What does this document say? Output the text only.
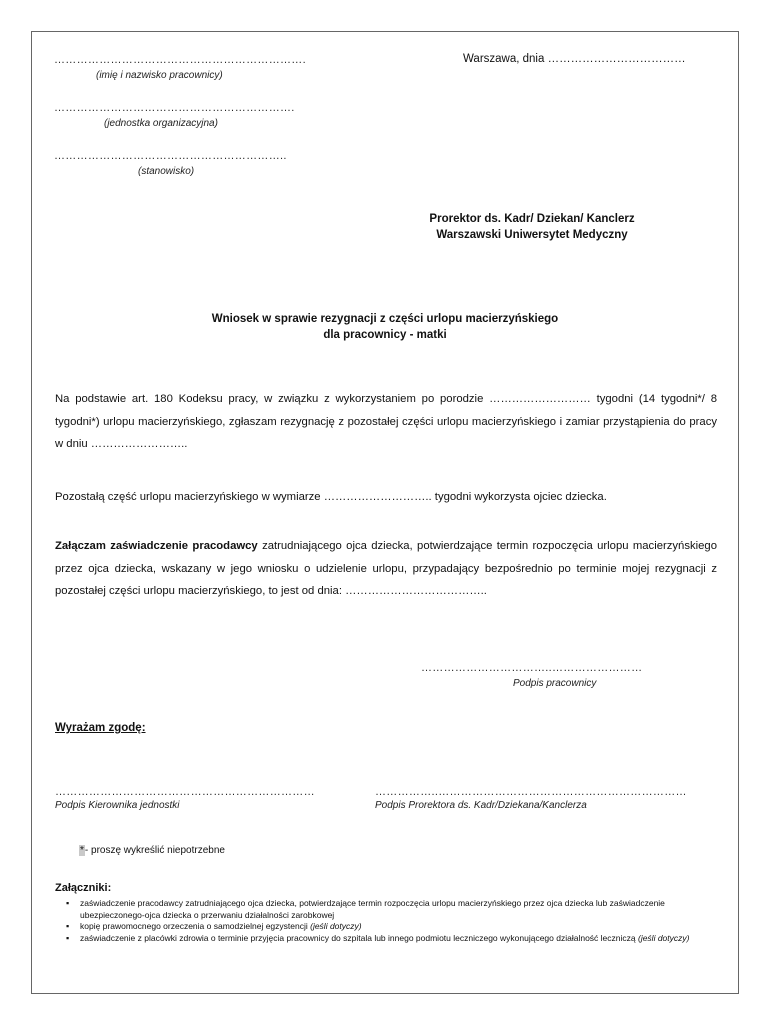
………………………………………………………….
(imię i nazwisko pracownicy)
……………………………………………………….
(jednostka organizacyjna)
……………………………………………………..
(stanowisko)
Warszawa, dnia ………………………………
Prorektor ds. Kadr/ Dziekan/ Kanclerz
Warszawski Uniwersytet Medyczny
Wniosek w sprawie rezygnacji z części urlopu macierzyńskiego
dla pracownicy - matki
Na podstawie art. 180 Kodeksu pracy, w związku z wykorzystaniem po porodzie ……………………… tygodni (14 tygodni*/ 8 tygodni*) urlopu macierzyńskiego, zgłaszam rezygnację z pozostałej części urlopu macierzyńskiego i zamiar przystąpienia do pracy w dniu ……………………..
Pozostałą część urlopu macierzyńskiego w wymiarze ……………………….. tygodni wykorzysta ojciec dziecka.
Załączam zaświadczenie pracodawcy zatrudniającego ojca dziecka, potwierdzające termin rozpoczęcia urlopu macierzyńskiego przez ojca dziecka, wskazany w jego wniosku o udzielenie urlopu, przypadający bezpośrednio po terminie mojej rezygnacji z pozostałej części urlopu macierzyńskiego, to jest od dnia: ………………………………..
……………………………..……………………
Podpis pracownicy
Wyrażam zgodę:
……………………………………………………………
Podpis Kierownika jednostki
……………..…………………………………………………………
Podpis Prorektora ds. Kadr/Dziekana/Kanclerza
*- proszę wykreślić niepotrzebne
Załączniki:
▪ zaświadczenie pracodawcy zatrudniającego ojca dziecka, potwierdzające termin rozpoczęcia urlopu macierzyńskiego przez ojca dziecka lub zaświadczenie ubezpieczonego-ojca dziecka o przerwaniu działalności zarobkowej
▪ kopię prawomocnego orzeczenia o samodzielnej egzystencji (jeśli dotyczy)
▪ zaświadczenie z placówki zdrowia o terminie przyjęcia pracownicy do szpitala lub innego podmiotu leczniczego wykonującego działalność leczniczą (jeśli dotyczy)
